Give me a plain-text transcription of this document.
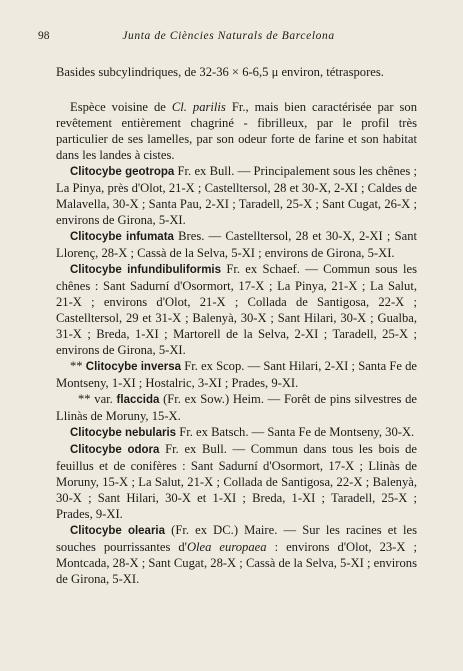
98	Junta de Ciències Naturals de Barcelona

Basides subcylindriques, de 32-36 × 6-6,5 μ environ, tétraspores.

Espèce voisine de Cl. parilis Fr., mais bien caractérisée par son revêtement entièrement chagriné - fibrilleux, par le profil très particulier de ses lamelles, par son odeur forte de farine et son habitat dans les landes à cistes.

Clitocybe geotropa Fr. ex Bull. — Principalement sous les chênes ; La Pinya, près d'Olot, 21-X ; Castelltersol, 28 et 30-X, 2-XI ; Caldes de Malavella, 30-X ; Santa Pau, 2-XI ; Taradell, 25-X ; Sant Cugat, 26-X ; environs de Girona, 5-XI.

Clitocybe infumata Bres. — Castelltersol, 28 et 30-X, 2-XI ; Sant Llorenç, 28-X ; Cassà de la Selva, 5-XI ; environs de Girona, 5-XI.

Clitocybe infundibuliformis Fr. ex Schaef. — Commun sous les chênes : Sant Sadurní d'Osormort, 17-X ; La Pinya, 21-X ; La Salut, 21-X ; environs d'Olot, 21-X ; Collada de Santigosa, 22-X ; Castelltersol, 29 et 31-X ; Balenyà, 30-X ; Sant Hilari, 30-X ; Gualba, 31-X ; Breda, 1-XI ; Martorell de la Selva, 2-XI ; Taradell, 25-X ; environs de Girona, 5-XI.

** Clitocybe inversa Fr. ex Scop. — Sant Hilari, 2-XI ; Santa Fe de Montseny, 1-XI ; Hostalric, 3-XI ; Prades, 9-XI.

** var. flaccida (Fr. ex Sow.) Heim. — Forêt de pins silvestres de Llinàs de Moruny, 15-X.

Clitocybe nebularis Fr. ex Batsch. — Santa Fe de Montseny, 30-X.

Clitocybe odora Fr. ex Bull. — Commun dans tous les bois de feuillus et de conifères : Sant Sadurní d'Osormort, 17-X ; Llinàs de Moruny, 15-X ; La Salut, 21-X ; Collada de Santigosa, 22-X ; Balenyà, 30-X ; Sant Hilari, 30-X et 1-XI ; Breda, 1-XI ; Taradell, 25-X ; Prades, 9-XI.

Clitocybe olearia (Fr. ex DC.) Maire. — Sur les racines et les souches pourrissantes d'Olea europaea : environs d'Olot, 23-X ; Montcada, 28-X ; Sant Cugat, 28-X ; Cassà de la Selva, 5-XI ; environs de Girona, 5-XI.
